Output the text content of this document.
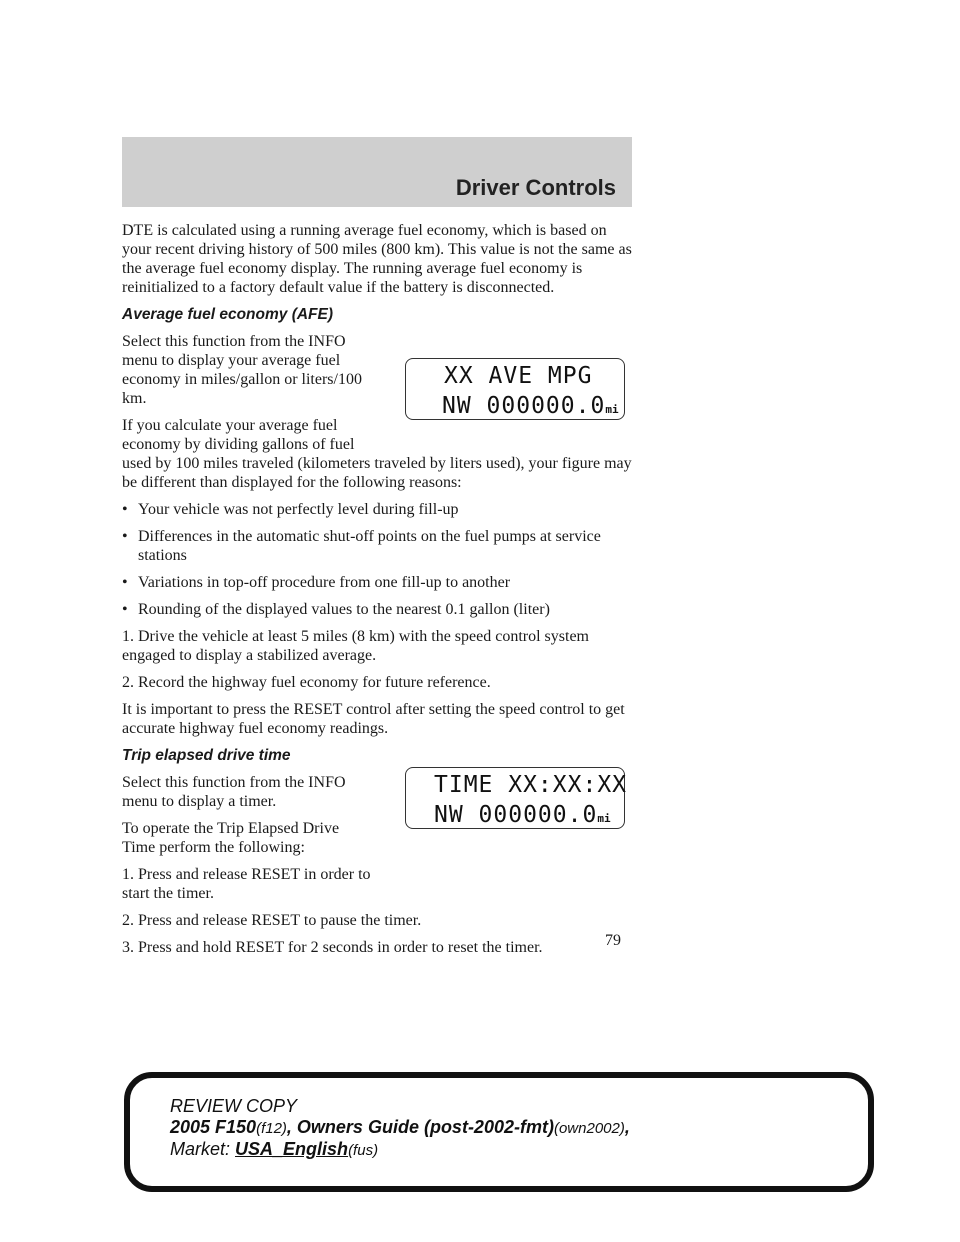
Driver Controls

DTE is calculated using a running average fuel economy, which is based on your recent driving history of 500 miles (800 km). This value is not the same as the average fuel economy display. The running average fuel economy is reinitialized to a factory default value if the battery is disconnected.

Average fuel economy (AFE)

Select this function from the INFO menu to display your average fuel economy in miles/gallon or liters/100 km.

If you calculate your average fuel economy by dividing gallons of fuel

used by 100 miles traveled (kilometers traveled by liters used), your figure may be different than displayed for the following reasons:

• Your vehicle was not perfectly level during fill-up
• Differences in the automatic shut-off points on the fuel pumps at service stations
• Variations in top-off procedure from one fill-up to another
• Rounding of the displayed values to the nearest 0.1 gallon (liter)

1. Drive the vehicle at least 5 miles (8 km) with the speed control system engaged to display a stabilized average.

2. Record the highway fuel economy for future reference.

It is important to press the RESET control after setting the speed control to get accurate highway fuel economy readings.

Trip elapsed drive time

Select this function from the INFO menu to display a timer.

To operate the Trip Elapsed Drive Time perform the following:

1. Press and release RESET in order to start the timer.

2. Press and release RESET to pause the timer.

3. Press and hold RESET for 2 seconds in order to reset the timer.

XX AVE MPG
NW 000000.0mi
TIME XX:XX:XX
NW 000000.0mi
79
REVIEW COPY
2005 F150(f12), Owners Guide (post-2002-fmt)(own2002),
Market: USA_English(fus)
